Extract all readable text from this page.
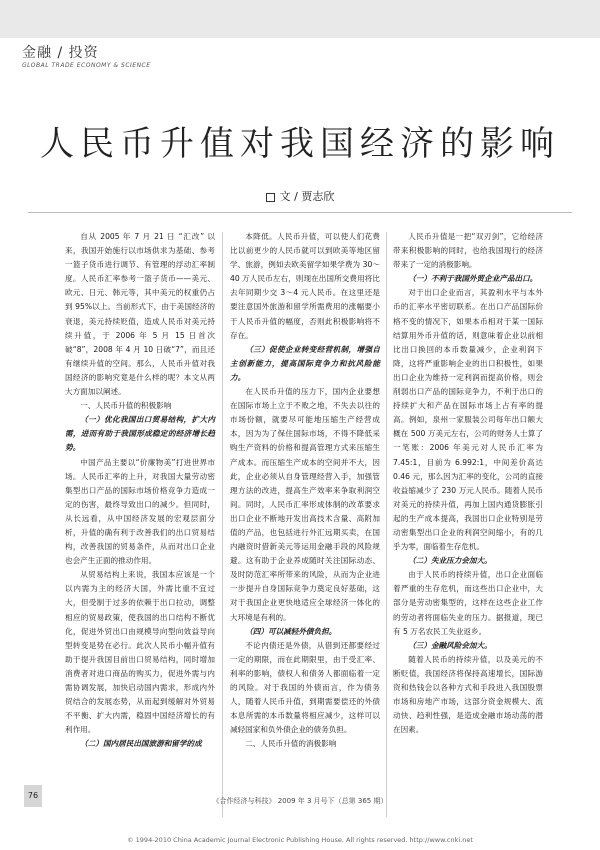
金融 / 投资
GLOBAL TRADE ECONOMY & SCIENCE
人民币升值对我国经济的影响
文 / 贾志欣

自从 2005 年 7 月 21 日 “汇改” 以来，我国开始施行以市场供求为基础、参考一篮子货币进行调节、有管理的浮动汇率制度。人民币汇率参考一篮子货币——美元、欧元、日元、韩元等，其中美元的权重仍占到 95%以上。当前形式下，由于美国经济的衰退，美元持续贬值，造成人民币对美元持续升值，于 2006 年 5 月 15 日首次破“8”，2008 年 4 月 10 日破“7”，而且还有继续升值的空间。那么，人民币升值对我国经济的影响究竟是什么样的呢？本文从两大方面加以阐述。

一、人民币升值的积极影响

（一）优化我国出口贸易结构，扩大内需，进而有助于我国形成稳定的经济增长趋势。

中国产品主要以“价廉物美”打进世界市场。人民币汇率的上升，对我国大量劳动密集型出口产品的国际市场价格竞争力造成一定的伤害，最终导致出口的减少。但同时，从长远看，从中国经济发展的宏观层面分析，升值的确有利于改善我们的出口贸易结构，改善我国的贸易条件，从而对出口企业也会产生正面的推动作用。

从贸易结构上来说，我国本应该是一个以内需为主的经济大国，外需比重不宜过大，但受制于过多的依赖于出口拉动，调整相应的贸易政策，使我国的出口结构不断优化，促进外贸出口由规模导向型向效益导向型转变是势在必行。此次人民币小幅升值有助于提升我国目前出口贸易结构，同时增加消费者对进口商品的购买力，促进外需与内需协调发展，加快启动国内需求，形成内外贸结合的发展态势，从而起到缓解对外贸易不平衡、扩大内需，稳固中国经济增长的有利作用。

（二）国内居民出国旅游和留学的成

本降低。人民币升值，可以使人们花费比以前更少的人民币就可以到欧美等地区留学、旅游，例如去欧美留学如果学费为 30～40 万人民币左右，则现在出国所交费用将比去年同期少交 3～4 元人民币。在这里还是要注意国外旅游和留学所需费用的涨幅要小于人民币升值的幅度，否则此积极影响将不存在。

（三）促使企业转变经营机制，增强自主创新能力，提高国际竞争力和抗风险能力。

在人民币升值的压力下，国内企业要想在国际市场上立于不败之地，不失去以往的市场份额，就要尽可能地压缩生产经营成本，因为为了保住国际市场，不得不降低采购生产资料的价格和提高管理方式来压缩生产成本。而压缩生产成本的空间并不大，因此，企业必须从自身管理经营入手，加强管理方法的改进，提高生产效率来争取利润空间。同时，人民币汇率形成体制的改革要求出口企业不断地开发出高技术含量、高附加值的产品，也包括进行外汇远期买卖，在国内融资时借新美元等运用金融手段的风险规避。这有助于企业养成随时关注国际动态、及时防范汇率所带来的风险，从而为企业进一步提升自身国际竞争力奠定良好基础，这对于我国企业更快地适应全球经济一体化的大环境是有利的。

（四）可以减轻外债负担。

不论内债还是外债，从借到还都要经过一定的期限，而在此期限里，由于受汇率、利率的影响，债权人和债务人都面临着一定的风险。对于我国的外债而言，作为债务人，随着人民币升值，到期需要偿还的外债本息所需的本币数量将相应减少，这样可以减轻国家和负外债企业的债务负担。

二、人民币升值的消极影响

人民币升值是一把“双刃剑”，它给经济带来积极影响的同时，也给我国现行的经济带来了一定的消极影响。

（一）不利于我国外贸企业产品出口。

对于出口企业而言，其盈利水平与本外币的汇率水平密切联系。在出口产品国际价格不变的情况下，如果本币相对于某一国际结算用外币升值的话，则意味着企业以前相比出口换回的本币数量减少，企业利润下降，这将严重影响企业的出口积极性，如果出口企业为维持一定利润而提高价格，则会削弱出口产品的国际竞争力，不利于出口的持续扩大和产品在国际市场上占有率的提高。例如，泉州一家服装公司每年出口额大概在 500 万美元左右，公司的财务人士算了一笔账：2006 年美元对人民币汇率为 7.45:1，目前为 6.992:1，中间差价高达 0.46 元，那么因为汇率的变化，公司的直接收益缩减少了 230 万元人民币。随着人民币对美元的持续升值，再加上国内通货膨胀引起的生产成本提高，我国出口企业特别是劳动密集型出口企业的利润空间缩小，有的几乎为零，面临着生存危机。

（二）失业压力会加大。

由于人民币的持续升值，出口企业面临着严重的生存危机，而这些出口企业中，大部分是劳动密集型的，这样在这些企业工作的劳动者将面临失业的压力。据报道，现已有 5 万名农民工失业返乡。

（三）金融风险会加大。

随着人民币的持续升值，以及美元的不断贬值，我国经济将保持高速增长，国际游资和热钱会以各种方式和手段进入我国股票市场和房地产市场，这部分资金规模大、流动快、趋利性强，是造成金融市场动荡的潜在因素。

76
《合作经济与科技》 2009 年 3 月号下（总第 365 期）
© 1994-2010 China Academic Journal Electronic Publishing House. All rights reserved. http://www.cnki.net
